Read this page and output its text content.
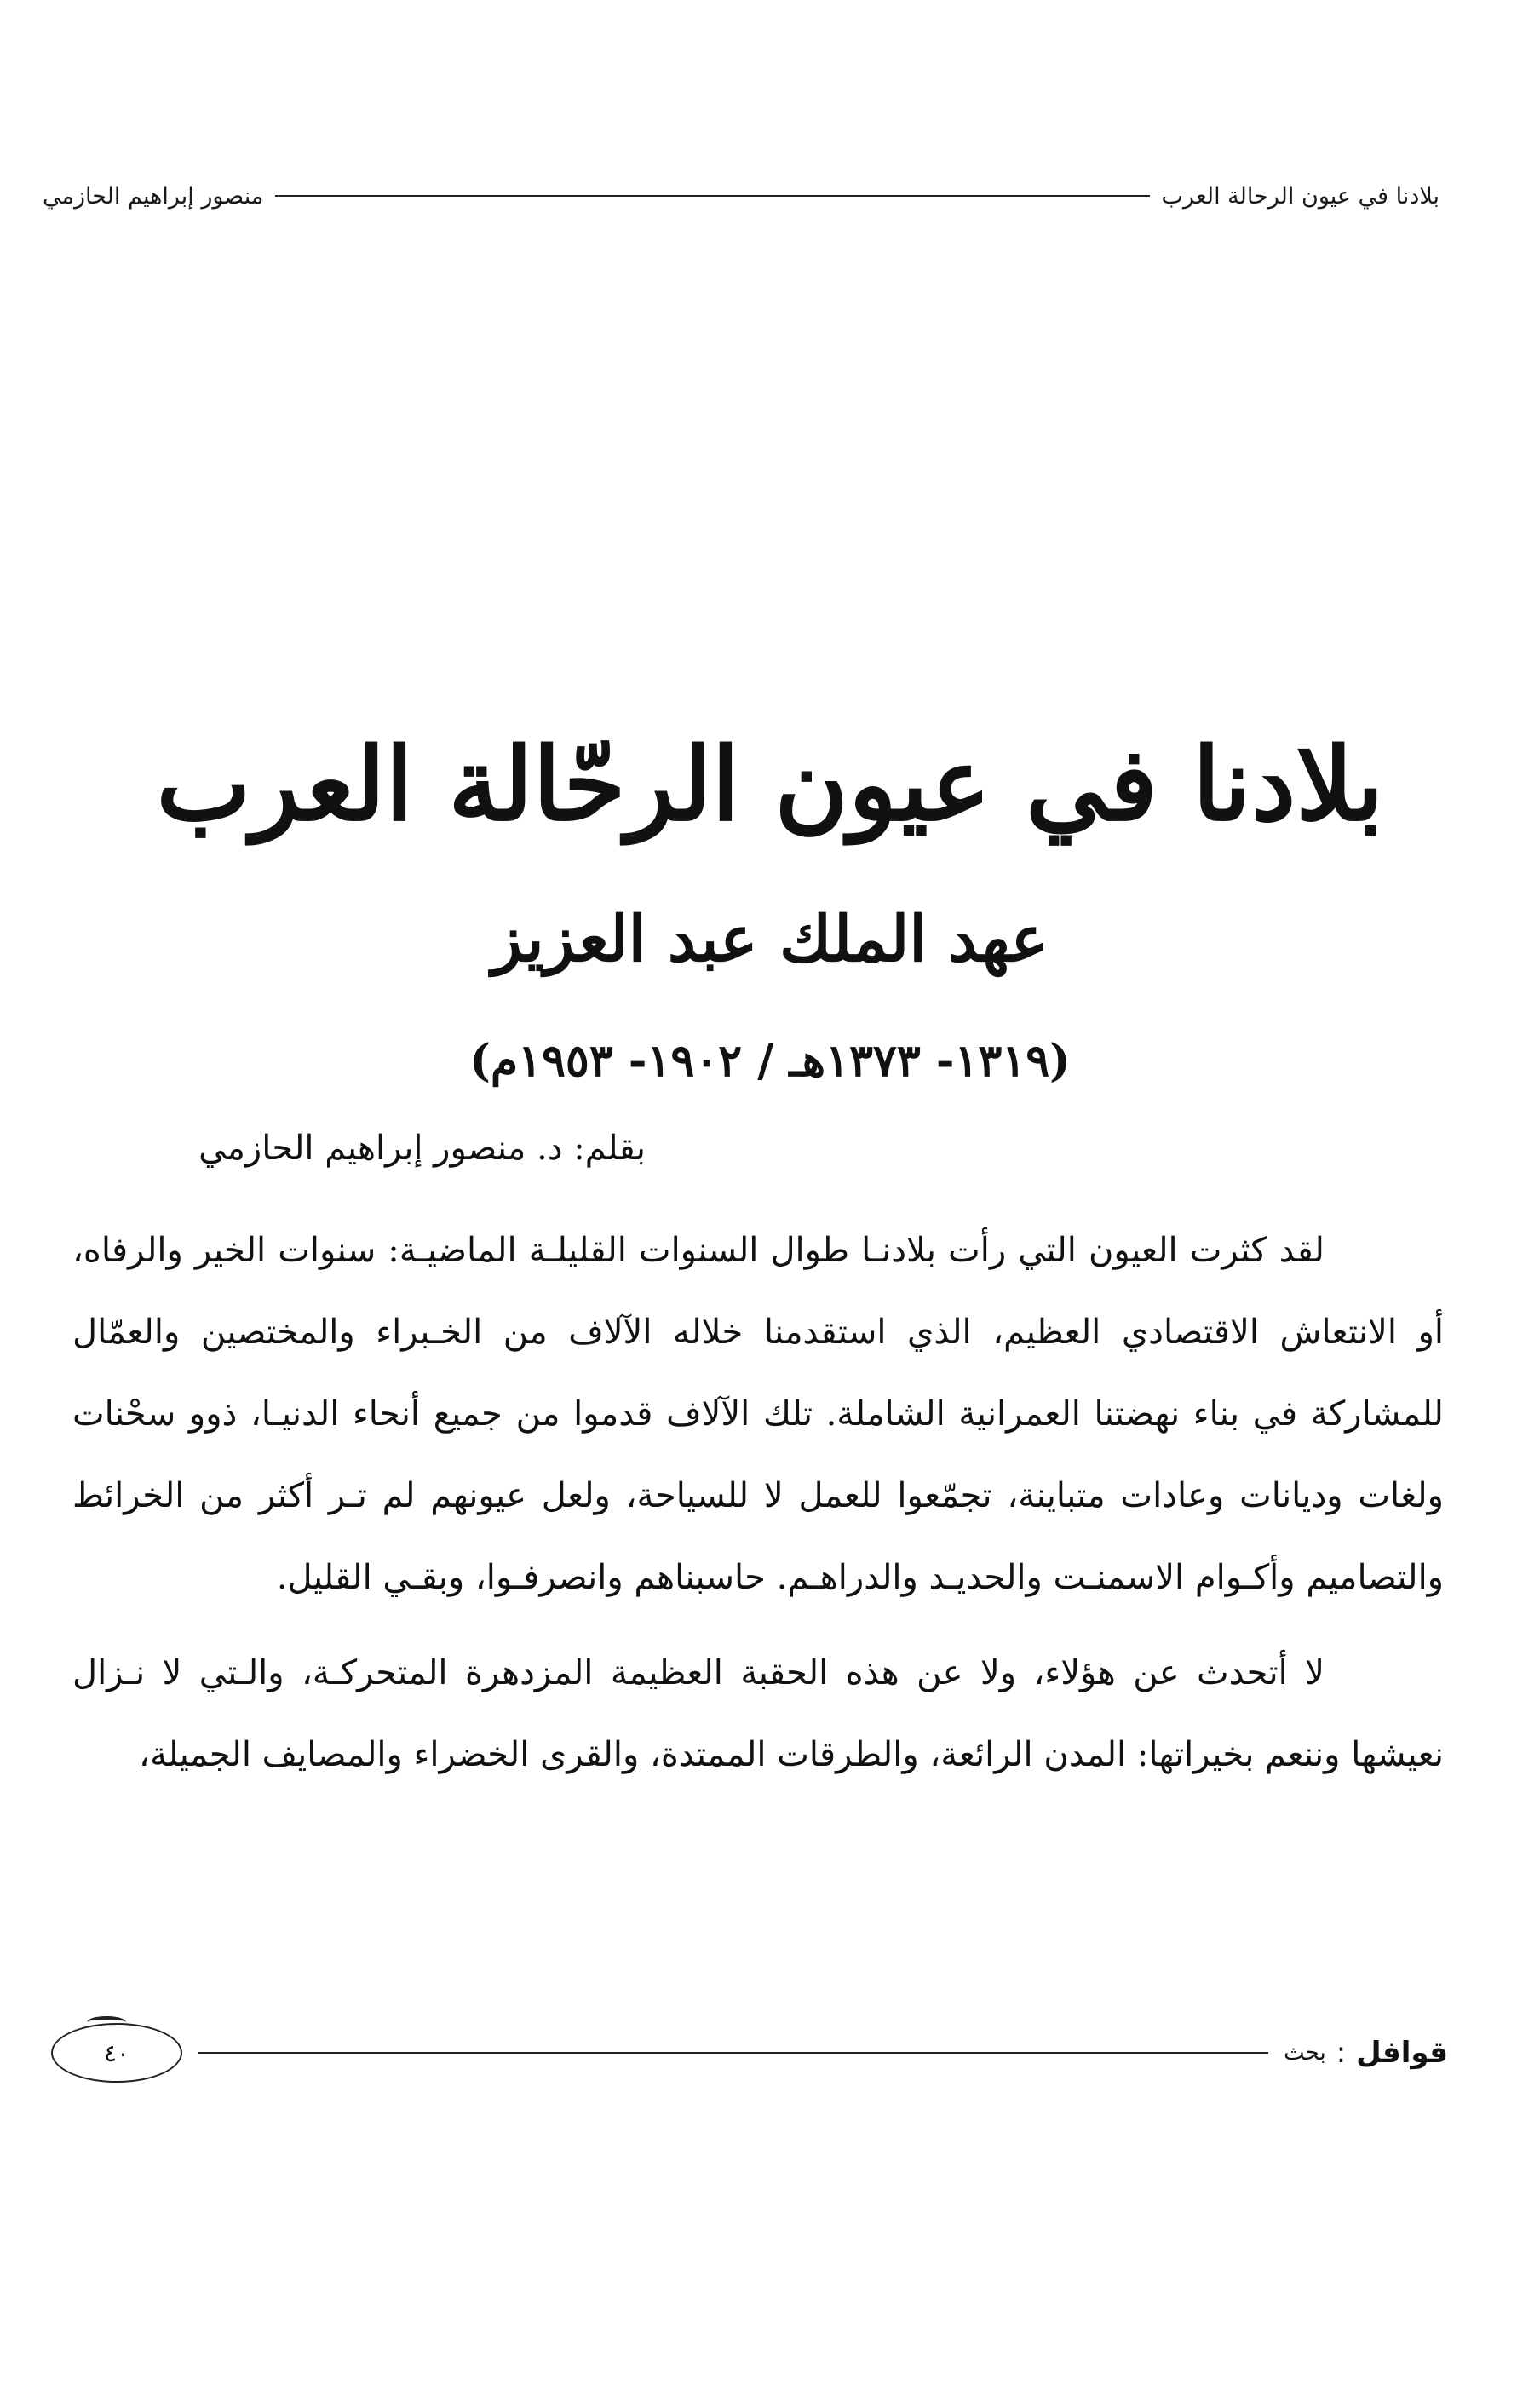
بلادنا في عيون الرحالة العرب
منصور إبراهيم الحازمي
بلادنا في عيون الرحّالة العرب
عهد الملك عبد العزيز
(١٣١٩- ١٣٧٣هـ / ١٩٠٢- ١٩٥٣م)
بقلم: د. منصور إبراهيم الحازمي

لقد كثرت العيون التي رأت بلادنـا طوال السنوات القليلـة الماضيـة: سنوات الخير والرفاه، أو الانتعاش الاقتصادي العظيم، الذي استقدمنا خلاله الآلاف من الخـبراء والمختصين والعمّال للمشاركة في بناء نهضتنا العمرانية الشاملة. تلك الآلاف قدموا من جميع أنحاء الدنيـا، ذوو سحْنات ولغات وديانات وعادات متباينة، تجمّعوا للعمل لا للسياحة، ولعل عيونهم لم تـر أكثر من الخرائط والتصاميم وأكـوام الاسمنـت والحديـد والدراهـم. حاسبناهم وانصرفـوا، وبقـي القليل.

لا أتحدث عن هؤلاء، ولا عن هذه الحقبة العظيمة المزدهرة المتحركـة، والـتي لا نـزال نعيشها وننعم بخيراتها: المدن الرائعة، والطرقات الممتدة، والقرى الخضراء والمصايف الجميلة،

قوافل
:
بحث
٤٠
